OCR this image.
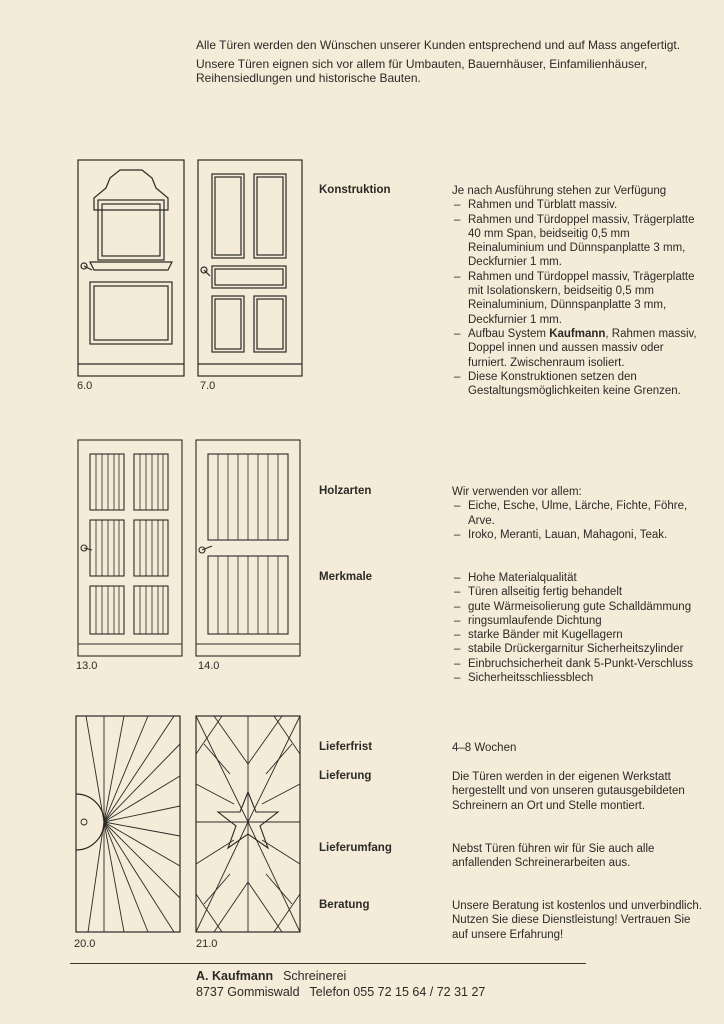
Alle Türen werden den Wünschen unserer Kunden entsprechend und auf Mass angefertigt.

Unsere Türen eignen sich vor allem für Umbauten, Bauernhäuser, Einfamilienhäuser, Reihensiedlungen und historische Bauten.

6.0	7.0
13.0	14.0
20.0	21.0
Konstruktion	Je nach Ausführung stehen zur Verfügung

– Rahmen und Türblatt massiv.
– Rahmen und Türdoppel massiv, Trägerplatte 40 mm Span, beidseitig 0,5 mm Reinaluminium und Dünnspanplatte 3 mm, Deckfurnier 1 mm.
– Rahmen und Türdoppel massiv, Trägerplatte mit Isolationskern, beidseitig 0,5 mm Reinaluminium, Dünnspanplatte 3 mm, Deckfurnier 1 mm.
– Aufbau System Kaufmann, Rahmen massiv, Doppel innen und aussen massiv oder furniert. Zwischenraum isoliert.
– Diese Konstruktionen setzen den Gestaltungsmöglichkeiten keine Grenzen.
Holzarten	Wir verwenden vor allem:

– Eiche, Esche, Ulme, Lärche, Fichte, Föhre, Arve.
– Iroko, Meranti, Lauan, Mahagoni, Teak.
Merkmale
–	Hohe Materialqualität
– Türen allseitig fertig behandelt
– gute Wärmeisolierung gute Schalldämmung
– ringsumlaufende Dichtung
– starke Bänder mit Kugellagern
– stabile Drückergarnitur Sicherheitszylinder
– Einbruchsicherheit dank 5-Punkt-Verschluss
– Sicherheitsschliessblech
Lieferfrist	4–8 Wochen
Lieferung	Die Türen werden in der eigenen Werkstatt hergestellt und von unseren gutausgebildeten Schreinern an Ort und Stelle montiert.
Lieferumfang	Nebst Türen führen wir für Sie auch alle anfallenden Schreinerarbeiten aus.
Beratung	Unsere Beratung ist kostenlos und unverbindlich. Nutzen Sie diese Dienstleistung! Vertrauen Sie auf unsere Erfahrung!
A. Kaufmann Schreinerei
8737 Gommiswald Telefon 055 72 15 64 / 72 31 27
